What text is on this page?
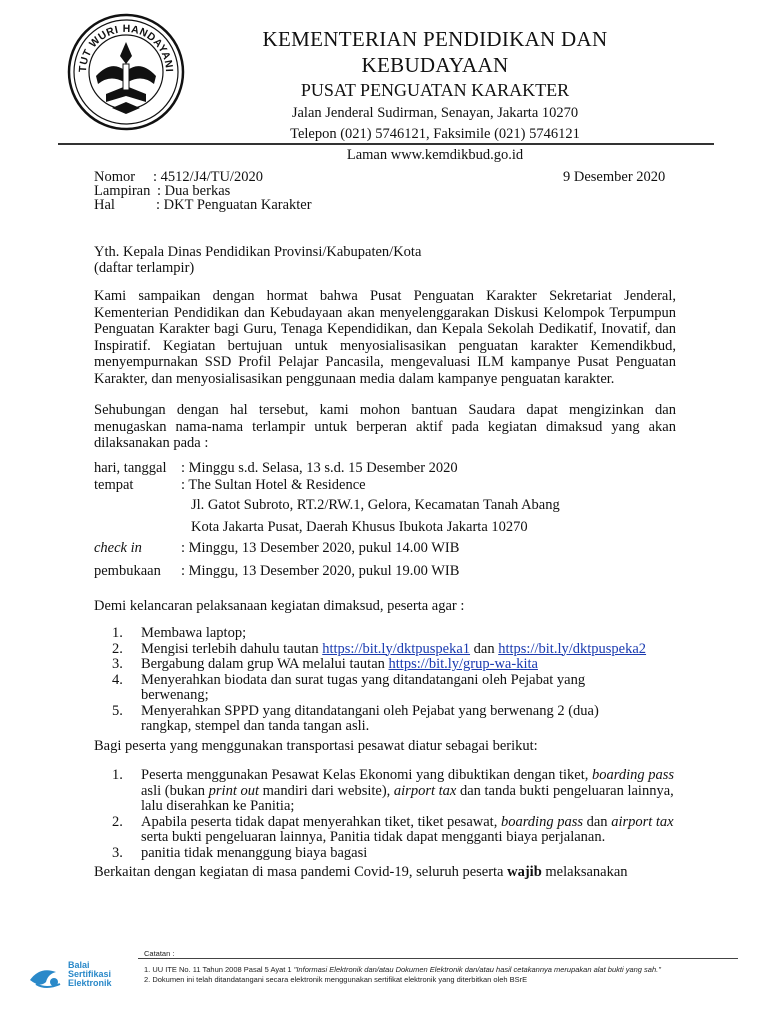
TUT WURI HANDAYANI
KEMENTERIAN PENDIDIKAN DAN KEBUDAYAAN
PUSAT PENGUATAN KARAKTER
Jalan Jenderal Sudirman, Senayan, Jakarta 10270
Telepon (021) 5746121, Faksimile (021) 5746121
Laman www.kemdikbud.go.id
Nomor : 4512/J4/TU/2020	9 Desember 2020
Lampiran : Dua berkas
Hal	: DKT Penguatan Karakter
Yth. Kepala Dinas Pendidikan Provinsi/Kabupaten/Kota
(daftar terlampir)
Kami sampaikan dengan hormat bahwa Pusat Penguatan Karakter Sekretariat Jenderal, Kementerian Pendidikan dan Kebudayaan akan menyelenggarakan Diskusi Kelompok Terpumpun Penguatan Karakter bagi Guru, Tenaga Kependidikan, dan Kepala Sekolah Dedikatif, Inovatif, dan Inspiratif. Kegiatan bertujuan untuk menyosialisasikan penguatan karakter Kemendikbud, menyempurnakan SSD Profil Pelajar Pancasila, mengevaluasi ILM kampanye Pusat Penguatan Karakter, dan menyosialisasikan penggunaan media dalam kampanye penguatan karakter.
Sehubungan dengan hal tersebut, kami mohon bantuan Saudara dapat mengizinkan dan menugaskan nama-nama terlampir untuk berperan aktif pada kegiatan dimaksud yang akan dilaksanakan pada :
hari, tanggal : Minggu s.d. Selasa, 13 s.d. 15 Desember 2020
tempat	: The Sultan Hotel & Residence
Jl. Gatot Subroto, RT.2/RW.1, Gelora, Kecamatan Tanah Abang
Kota Jakarta Pusat, Daerah Khusus Ibukota Jakarta 10270
check in	: Minggu, 13 Desember 2020, pukul 14.00 WIB
pembukaan : Minggu, 13 Desember 2020, pukul 19.00 WIB
Demi kelancaran pelaksanaan kegiatan dimaksud, peserta agar :
1. Membawa laptop;
2. Mengisi terlebih dahulu tautan https://bit.ly/dktpuspeka1 dan https://bit.ly/dktpuspeka2
3. Bergabung dalam grup WA melalui tautan https://bit.ly/grup-wa-kita
4. Menyerahkan biodata dan surat tugas yang ditandatangani oleh Pejabat yang berwenang;
5. Menyerahkan SPPD yang ditandatangani oleh Pejabat yang berwenang 2 (dua) rangkap, stempel dan tanda tangan asli.
Bagi peserta yang menggunakan transportasi pesawat diatur sebagai berikut:
1. Peserta menggunakan Pesawat Kelas Ekonomi yang dibuktikan dengan tiket, boarding pass asli (bukan print out mandiri dari website), airport tax dan tanda bukti pengeluaran lainnya, lalu diserahkan ke Panitia;
2. Apabila peserta tidak dapat menyerahkan tiket, tiket pesawat, boarding pass dan airport tax serta bukti pengeluaran lainnya, Panitia tidak dapat mengganti biaya perjalanan.
3. panitia tidak menanggung biaya bagasi
Berkaitan dengan kegiatan di masa pandemi Covid-19, seluruh peserta wajib melaksanakan
Balai
Sertifikasi
Elektronik
Catatan :
1. UU ITE No. 11 Tahun 2008 Pasal 5 Ayat 1 "Informasi Elektronik dan/atau Dokumen Elektronik dan/atau hasil cetakannya merupakan alat bukti yang sah."
2. Dokumen ini telah ditandatangani secara elektronik menggunakan sertifikat elektronik yang diterbitkan oleh BSrE
